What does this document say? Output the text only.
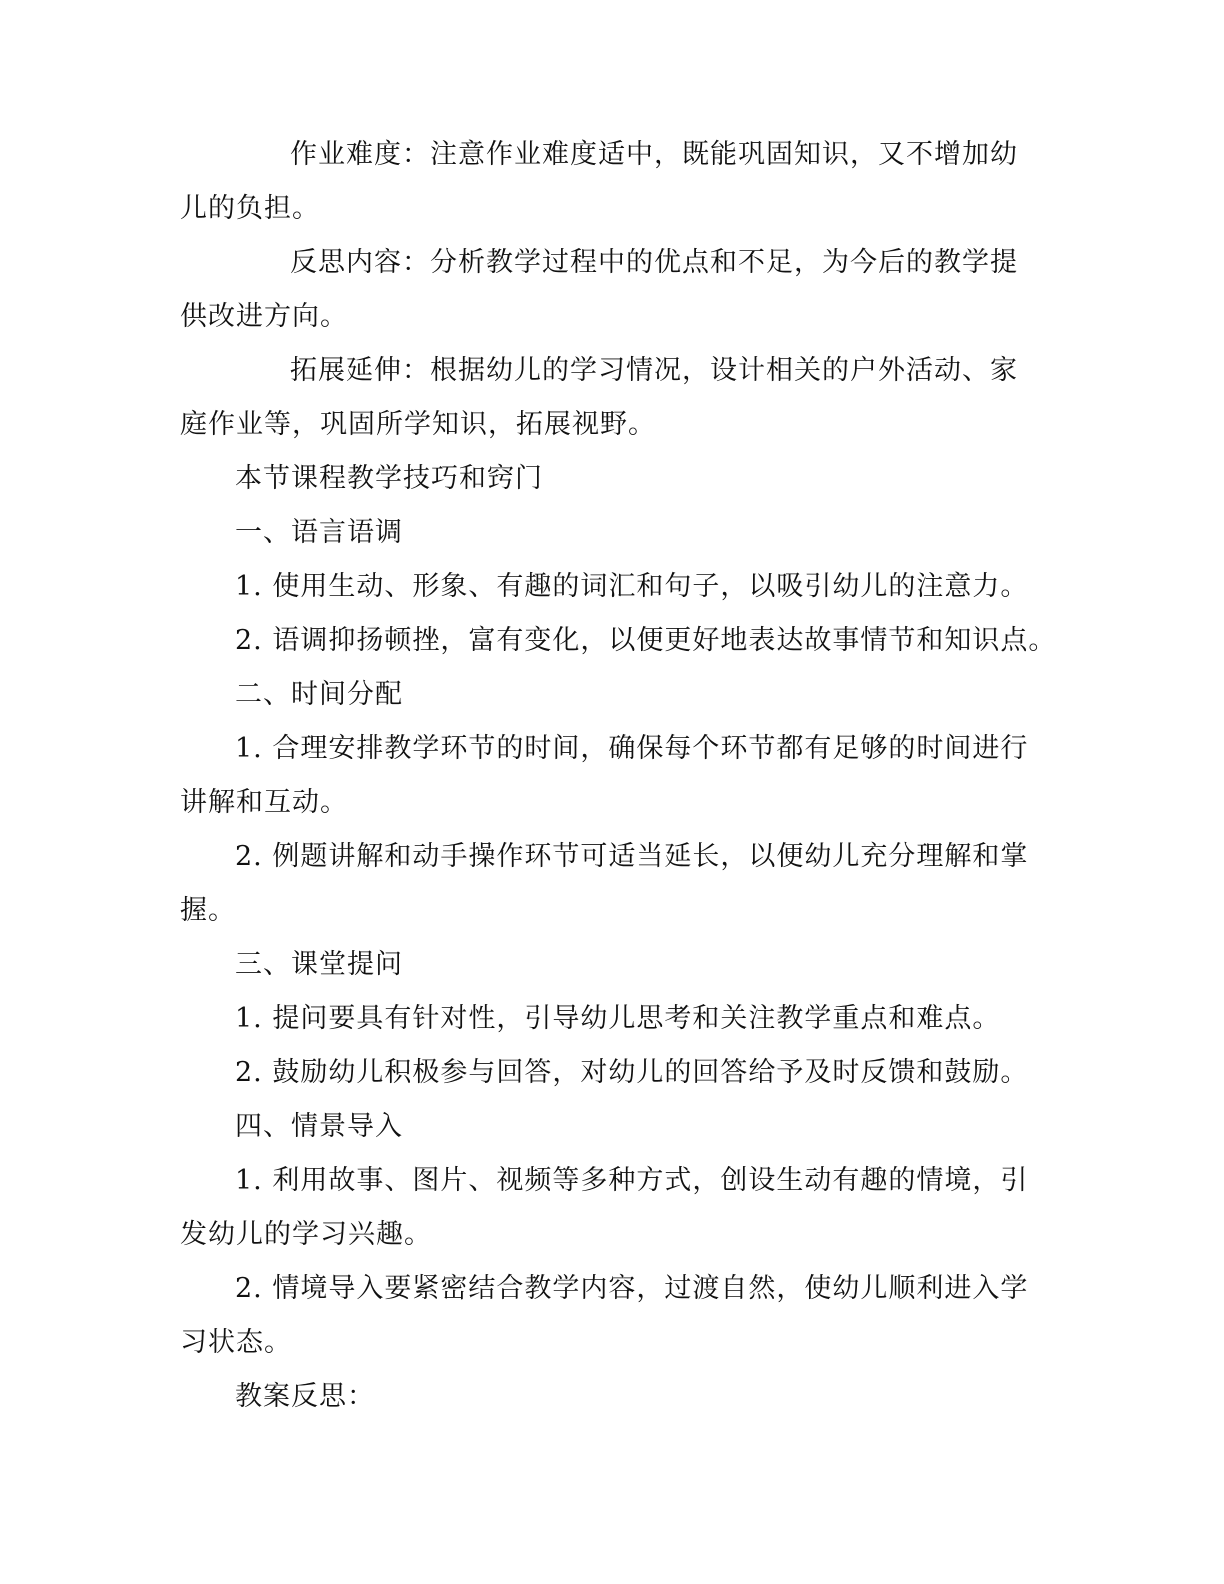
作业难度：注意作业难度适中，既能巩固知识，又不增加幼
儿的负担。
反思内容：分析教学过程中的优点和不足，为今后的教学提
供改进方向。
拓展延伸：根据幼儿的学习情况，设计相关的户外活动、家
庭作业等，巩固所学知识，拓展视野。
本节课程教学技巧和窍门
一、语言语调
1. 使用生动、形象、有趣的词汇和句子，以吸引幼儿的注意力。
2. 语调抑扬顿挫，富有变化，以便更好地表达故事情节和知识点。
二、时间分配
1. 合理安排教学环节的时间，确保每个环节都有足够的时间进行
讲解和互动。
2. 例题讲解和动手操作环节可适当延长，以便幼儿充分理解和掌
握。
三、课堂提问
1. 提问要具有针对性，引导幼儿思考和关注教学重点和难点。
2. 鼓励幼儿积极参与回答，对幼儿的回答给予及时反馈和鼓励。
四、情景导入
1. 利用故事、图片、视频等多种方式，创设生动有趣的情境，引
发幼儿的学习兴趣。
2. 情境导入要紧密结合教学内容，过渡自然，使幼儿顺利进入学
习状态。
教案反思：
